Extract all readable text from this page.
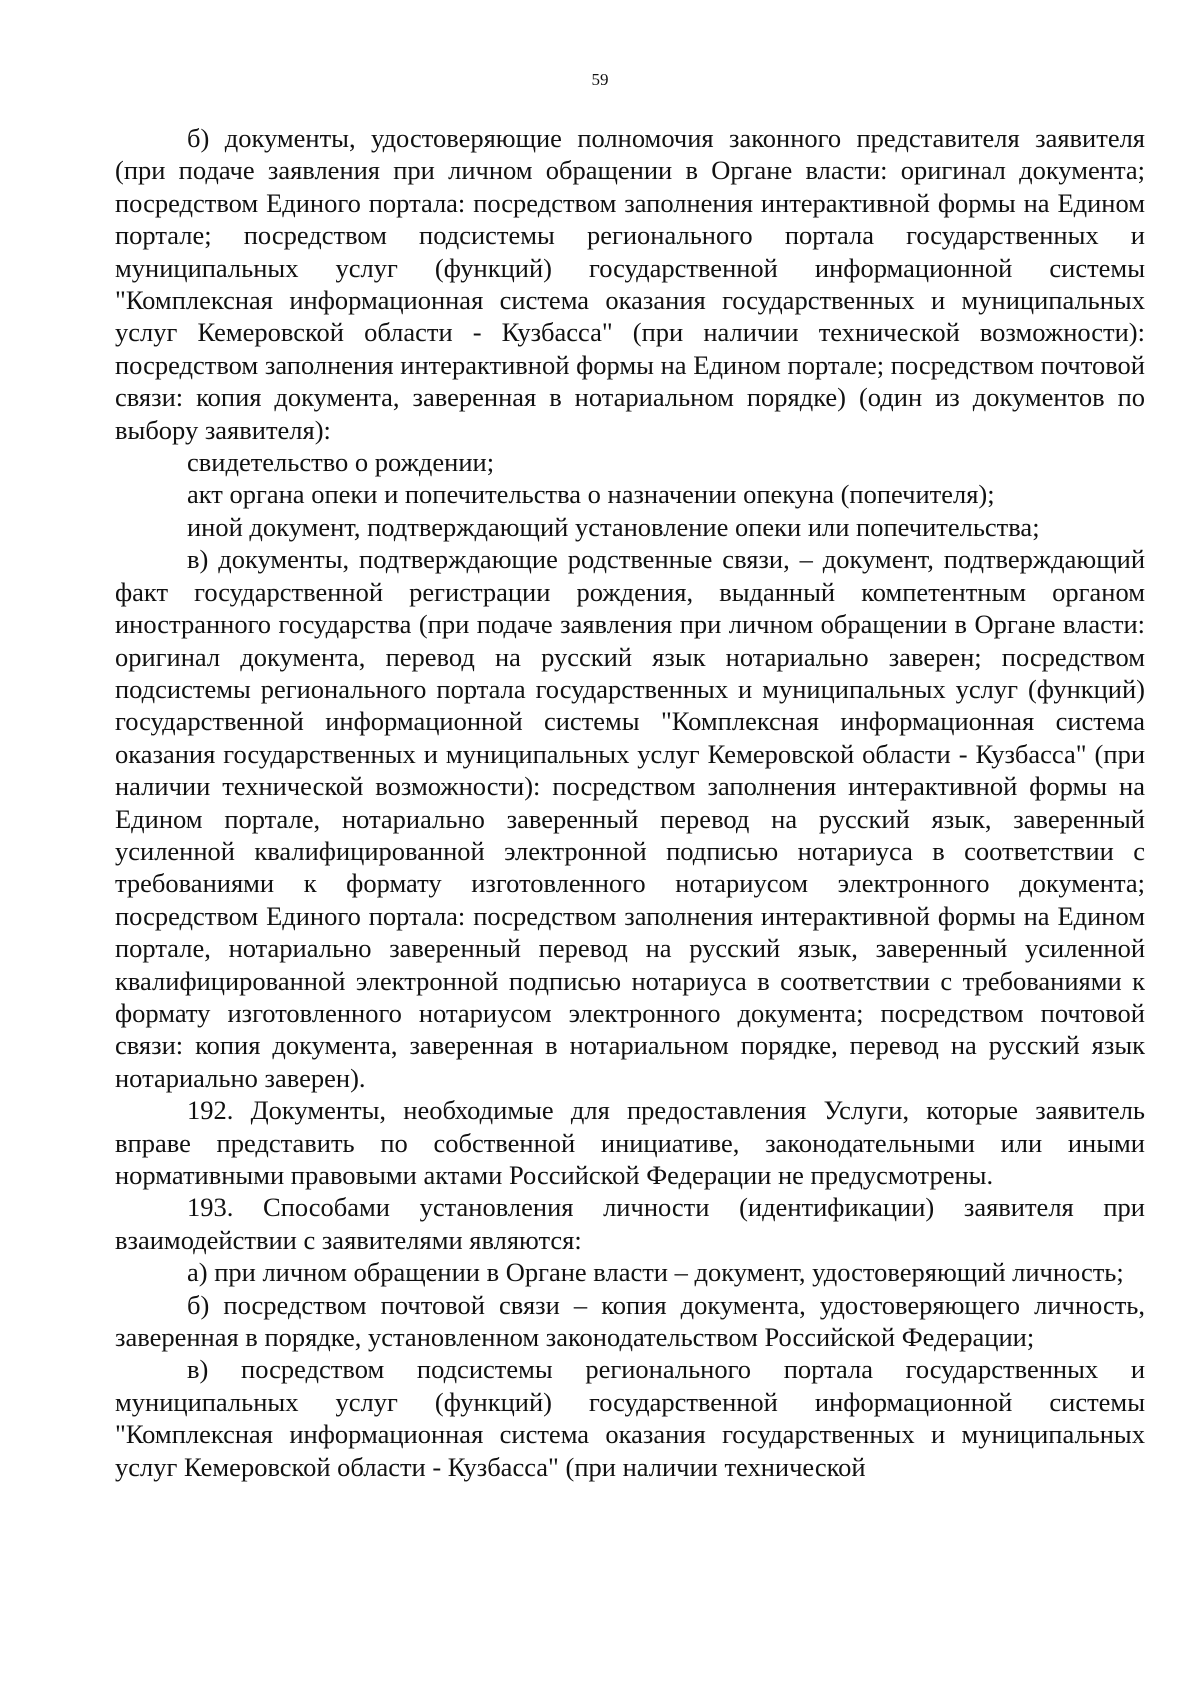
59

б) документы, удостоверяющие полномочия законного представителя заявителя (при подаче заявления при личном обращении в Органе власти: оригинал документа; посредством Единого портала: посредством заполнения интерактивной формы на Едином портале; посредством подсистемы регионального портала государственных и муниципальных услуг (функций) государственной информационной системы "Комплексная информационная система оказания государственных и муниципальных услуг Кемеровской области - Кузбасса" (при наличии технической возможности): посредством заполнения интерактивной формы на Едином портале; посредством почтовой связи: копия документа, заверенная в нотариальном порядке) (один из документов по выбору заявителя):

свидетельство о рождении;

акт органа опеки и попечительства о назначении опекуна (попечителя);

иной документ, подтверждающий установление опеки или попечительства;

в) документы, подтверждающие родственные связи, – документ, подтверждающий факт государственной регистрации рождения, выданный компетентным органом иностранного государства (при подаче заявления при личном обращении в Органе власти: оригинал документа, перевод на русский язык нотариально заверен; посредством подсистемы регионального портала государственных и муниципальных услуг (функций) государственной информационной системы "Комплексная информационная система оказания государственных и муниципальных услуг Кемеровской области - Кузбасса" (при наличии технической возможности): посредством заполнения интерактивной формы на Едином портале, нотариально заверенный перевод на русский язык, заверенный усиленной квалифицированной электронной подписью нотариуса в соответствии с требованиями к формату изготовленного нотариусом электронного документа; посредством Единого портала: посредством заполнения интерактивной формы на Едином портале, нотариально заверенный перевод на русский язык, заверенный усиленной квалифицированной электронной подписью нотариуса в соответствии с требованиями к формату изготовленного нотариусом электронного документа; посредством почтовой связи: копия документа, заверенная в нотариальном порядке, перевод на русский язык нотариально заверен).

192. Документы, необходимые для предоставления Услуги, которые заявитель вправе представить по собственной инициативе, законодательными или иными нормативными правовыми актами Российской Федерации не предусмотрены.

193. Способами установления личности (идентификации) заявителя при взаимодействии с заявителями являются:

а) при личном обращении в Органе власти – документ, удостоверяющий личность;

б) посредством почтовой связи – копия документа, удостоверяющего личность, заверенная в порядке, установленном законодательством Российской Федерации;

в) посредством подсистемы регионального портала государственных и муниципальных услуг (функций) государственной информационной системы "Комплексная информационная система оказания государственных и муниципальных услуг Кемеровской области - Кузбасса" (при наличии технической
